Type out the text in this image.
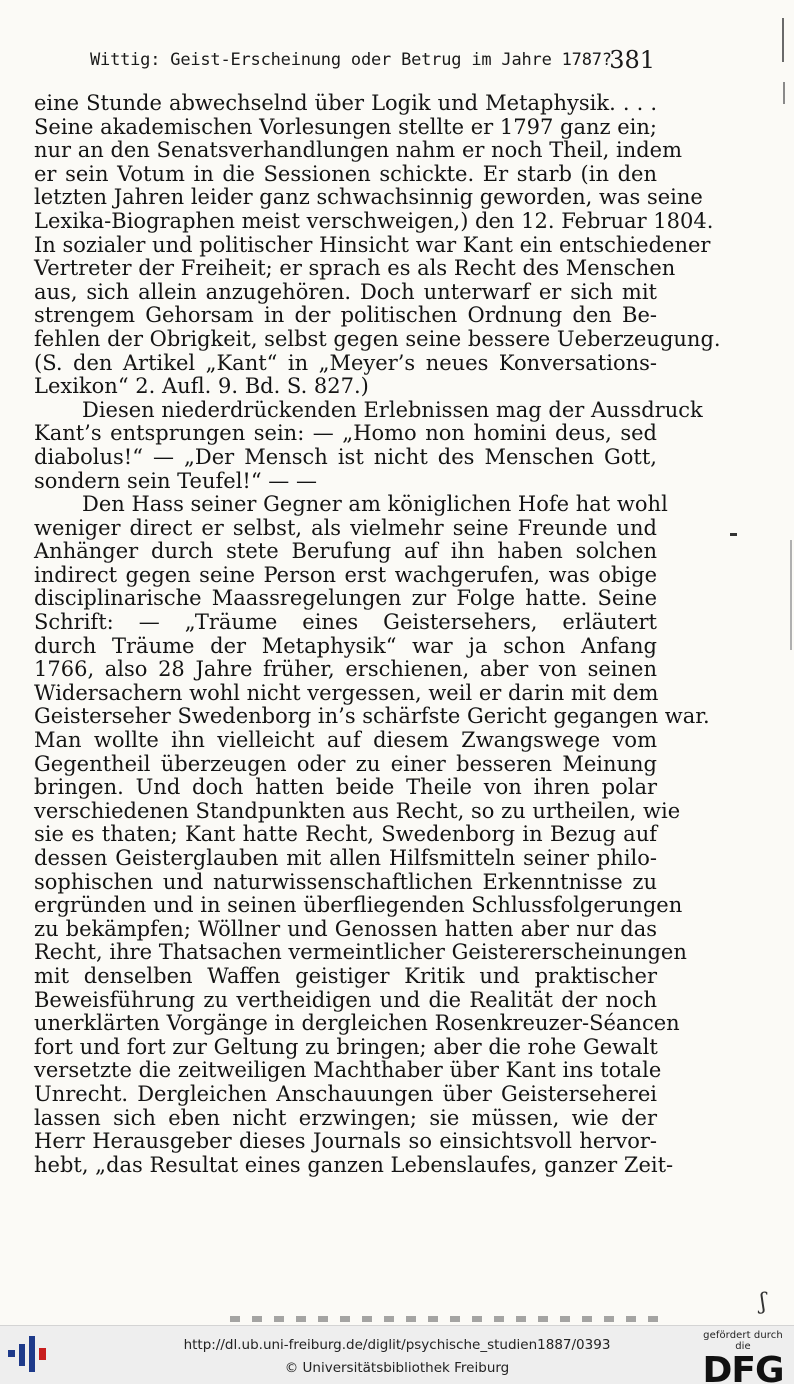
Wittig: Geist-Erscheinung oder Betrug im Jahre 1787?
381
eine Stunde abwechselnd über Logik und Metaphysik. . . .
Seine akademischen Vorlesungen stellte er 1797 ganz ein;
nur an den Senatsverhandlungen nahm er noch Theil, indem
er sein Votum in die Sessionen schickte. Er starb (in den
letzten Jahren leider ganz schwachsinnig geworden, was seine
Lexika-Biographen meist verschweigen,) den 12. Februar 1804.
In sozialer und politischer Hinsicht war Kant ein entschiedener
Vertreter der Freiheit; er sprach es als Recht des Menschen
aus, sich allein anzugehören. Doch unterwarf er sich mit
strengem Gehorsam in der politischen Ordnung den Be-
fehlen der Obrigkeit, selbst gegen seine bessere Ueberzeugung.
(S. den Artikel „Kant“ in „Meyer’s neues Konversations-
Lexikon“ 2. Aufl. 9. Bd. S. 827.)
Diesen niederdrückenden Erlebnissen mag der Aussdruck
Kant’s entsprungen sein: — „Homo non homini deus, sed
diabolus!“ — „Der Mensch ist nicht des Menschen Gott,
sondern sein Teufel!“ — —
Den Hass seiner Gegner am königlichen Hofe hat wohl
weniger direct er selbst, als vielmehr seine Freunde und
Anhänger durch stete Berufung auf ihn haben solchen
indirect gegen seine Person erst wachgerufen, was obige
disciplinarische Maassregelungen zur Folge hatte. Seine
Schrift: — „Träume eines Geistersehers, erläutert
durch Träume der Metaphysik“ war ja schon Anfang
1766, also 28 Jahre früher, erschienen, aber von seinen
Widersachern wohl nicht vergessen, weil er darin mit dem
Geisterseher Swedenborg in’s schärfste Gericht gegangen war.
Man wollte ihn vielleicht auf diesem Zwangswege vom
Gegentheil überzeugen oder zu einer besseren Meinung
bringen. Und doch hatten beide Theile von ihren polar
verschiedenen Standpunkten aus Recht, so zu urtheilen, wie
sie es thaten; Kant hatte Recht, Swedenborg in Bezug auf
dessen Geisterglauben mit allen Hilfsmitteln seiner philo-
sophischen und naturwissenschaftlichen Erkenntnisse zu
ergründen und in seinen überfliegenden Schlussfolgerungen
zu bekämpfen; Wöllner und Genossen hatten aber nur das
Recht, ihre Thatsachen vermeintlicher Geistererscheinungen
mit denselben Waffen geistiger Kritik und praktischer
Beweisführung zu vertheidigen und die Realität der noch
unerklärten Vorgänge in dergleichen Rosenkreuzer-Séancen
fort und fort zur Geltung zu bringen; aber die rohe Gewalt
versetzte die zeitweiligen Machthaber über Kant ins totale
Unrecht. Dergleichen Anschauungen über Geisterseherei
lassen sich eben nicht erzwingen; sie müssen, wie der
Herr Herausgeber dieses Journals so einsichtsvoll hervor-
hebt, „das Resultat eines ganzen Lebenslaufes, ganzer Zeit-
ʃ
http://dl.ub.uni-freiburg.de/diglit/psychische_studien1887/0393
© Universitätsbibliothek Freiburg
gefördert durch die
DFG
